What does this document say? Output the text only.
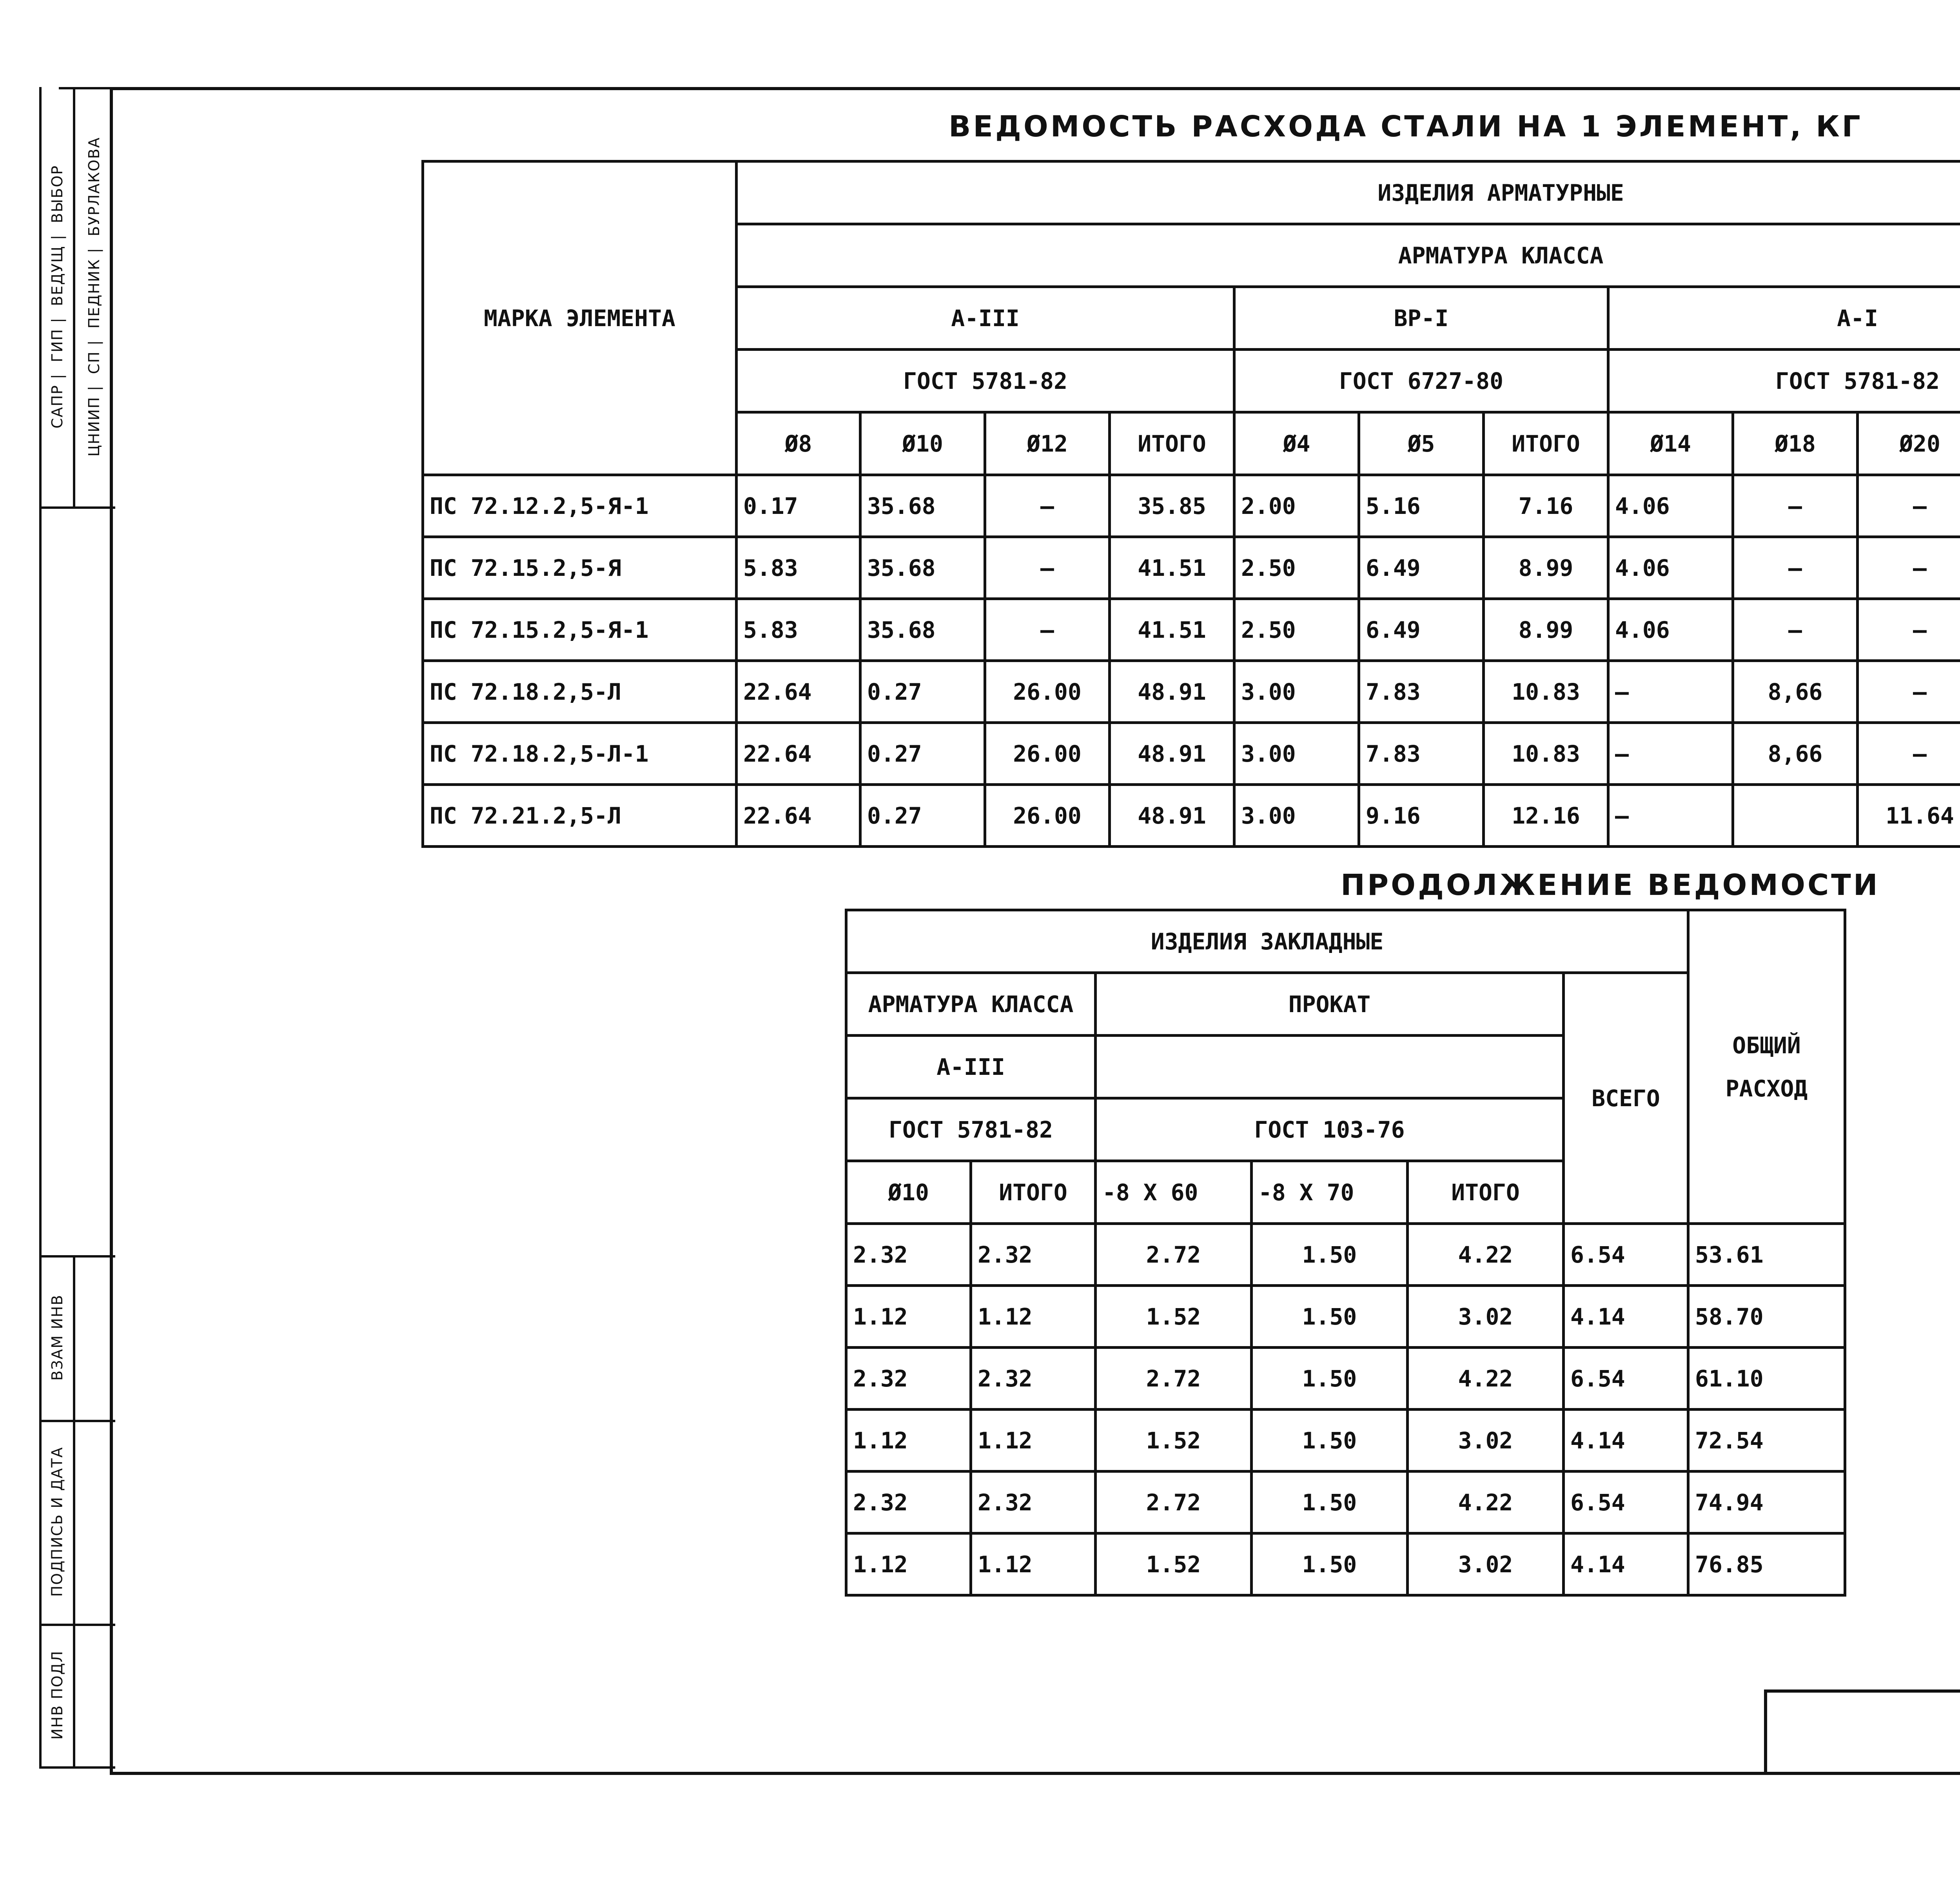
САПР |  ГИП |  ВЕДУЩ |  ВЫБОР
ЦНИИП |  СП |  ПЕДНИК |  БУРЛАКОВА
ВЗАМ ИНВ
ПОДПИСЬ И ДАТА
ИНВ ПОДЛ
ВЕДОМОСТЬ РАСХОДА СТАЛИ НА 1 ЭЛЕМЕНТ, КГ
МАРКА ЭЛЕМЕНТА	ИЗДЕЛИЯ АРМАТУРНЫЕ											
	АРМАТУРА КЛАССА											
	А-III				ВР-I			А-I	
	ГОСТ 5781-82				ГОСТ 6727-80			ГОСТ 5781-82				
	Ø8	Ø10	Ø12	ИТОГО	Ø4	Ø5	ИТОГО	Ø14	Ø18	Ø20	
ПС 72.12.2,5-Я-1	0.17	35.68	—	35.85	2.00	5.16	7.16	4.06	—	—		
ПС 72.15.2,5-Я	5.83	35.68	—	41.51	2.50	6.49	8.99	4.06	—	—		
ПС 72.15.2,5-Я-1	5.83	35.68	—	41.51	2.50	6.49	8.99	4.06	—	—		
ПС 72.18.2,5-Л	22.64	0.27	26.00	48.91	3.00	7.83	10.83	—	8,66	—		
ПС 72.18.2,5-Л-1	22.64	0.27	26.00	48.91	3.00	7.83	10.83	—	8,66	—		
ПС 72.21.2,5-Л	22.64	0.27	26.00	48.91	3.00	9.16	12.16	—		11.64		
ПРОДОЛЖЕНИЕ ВЕДОМОСТИ
ИЗДЕЛИЯ ЗАКЛАДНЫЕ						ОБЩИЙ РАСХОД
АРМАТУРА КЛАССА		ПРОКАТ			ВСЕГО	
А-III						
ГОСТ 5781-82		ГОСТ 103-76				
Ø10	ИТОГО	-8 Х 60	-8 Х 70	ИТОГО		
2.32	2.32	2.72	1.50	4.22	6.54	53.61
1.12	1.12	1.52	1.50	3.02	4.14	58.70
2.32	2.32	2.72	1.50	4.22	6.54	61.10
1.12	1.12	1.52	1.50	3.02	4.14	72.54
2.32	2.32	2.72	1.50	4.22	6.54	74.94
1.12	1.12	1.52	1.50	3.02	4.14	76.85
